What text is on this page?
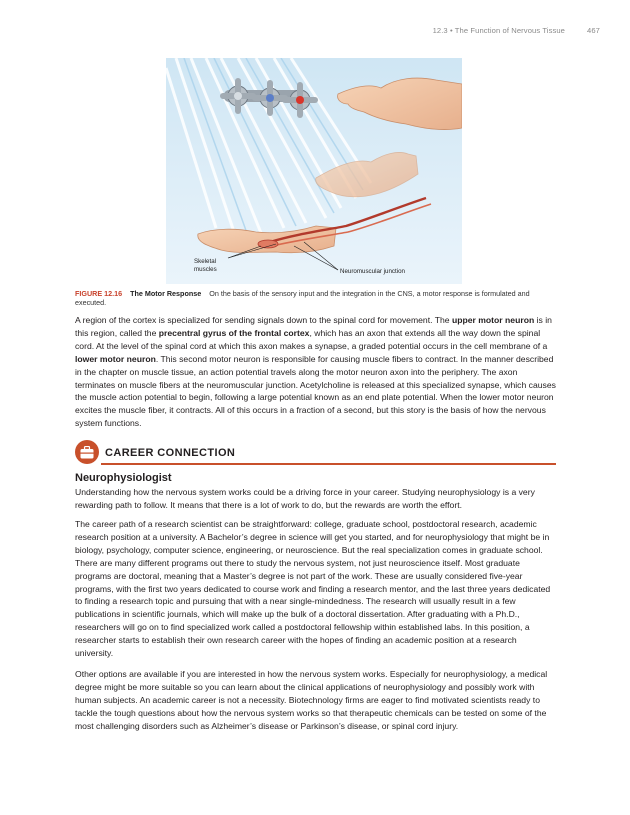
12.3 • The Function of Nervous Tissue	467
Skeletal
muscles	Neuromuscular junction
FIGURE 12.16 The Motor Response On the basis of the sensory input and the integration in the CNS, a motor response is formulated and executed.

A region of the cortex is specialized for sending signals down to the spinal cord for movement. The upper motor neuron is in this region, called the precentral gyrus of the frontal cortex, which has an axon that extends all the way down the spinal cord. At the level of the spinal cord at which this axon makes a synapse, a graded potential occurs in the cell membrane of a lower motor neuron. This second motor neuron is responsible for causing muscle fibers to contract. In the manner described in the chapter on muscle tissue, an action potential travels along the motor neuron axon into the periphery. The axon terminates on muscle fibers at the neuromuscular junction. Acetylcholine is released at this specialized synapse, which causes the muscle action potential to begin, following a large potential known as an end plate potential. When the lower motor neuron excites the muscle fiber, it contracts. All of this occurs in a fraction of a second, but this story is the basis of how the nervous system functions.

CAREER CONNECTION
Neurophysiologist

Understanding how the nervous system works could be a driving force in your career. Studying neurophysiology is a very rewarding path to follow. It means that there is a lot of work to do, but the rewards are worth the effort.

The career path of a research scientist can be straightforward: college, graduate school, postdoctoral research, academic research position at a university. A Bachelor’s degree in science will get you started, and for neurophysiology that might be in biology, psychology, computer science, engineering, or neuroscience. But the real specialization comes in graduate school. There are many different programs out there to study the nervous system, not just neuroscience itself. Most graduate programs are doctoral, meaning that a Master’s degree is not part of the work. These are usually considered five-year programs, with the first two years dedicated to course work and finding a research mentor, and the last three years dedicated to finding a research topic and pursuing that with a near single-mindedness. The research will usually result in a few publications in scientific journals, which will make up the bulk of a doctoral dissertation. After graduating with a Ph.D., researchers will go on to find specialized work called a postdoctoral fellowship within established labs. In this position, a researcher starts to establish their own research career with the hopes of finding an academic position at a research university.

Other options are available if you are interested in how the nervous system works. Especially for neurophysiology, a medical degree might be more suitable so you can learn about the clinical applications of neurophysiology and possibly work with human subjects. An academic career is not a necessity. Biotechnology firms are eager to find motivated scientists ready to tackle the tough questions about how the nervous system works so that therapeutic chemicals can be tested on some of the most challenging disorders such as Alzheimer’s disease or Parkinson’s disease, or spinal cord injury.
